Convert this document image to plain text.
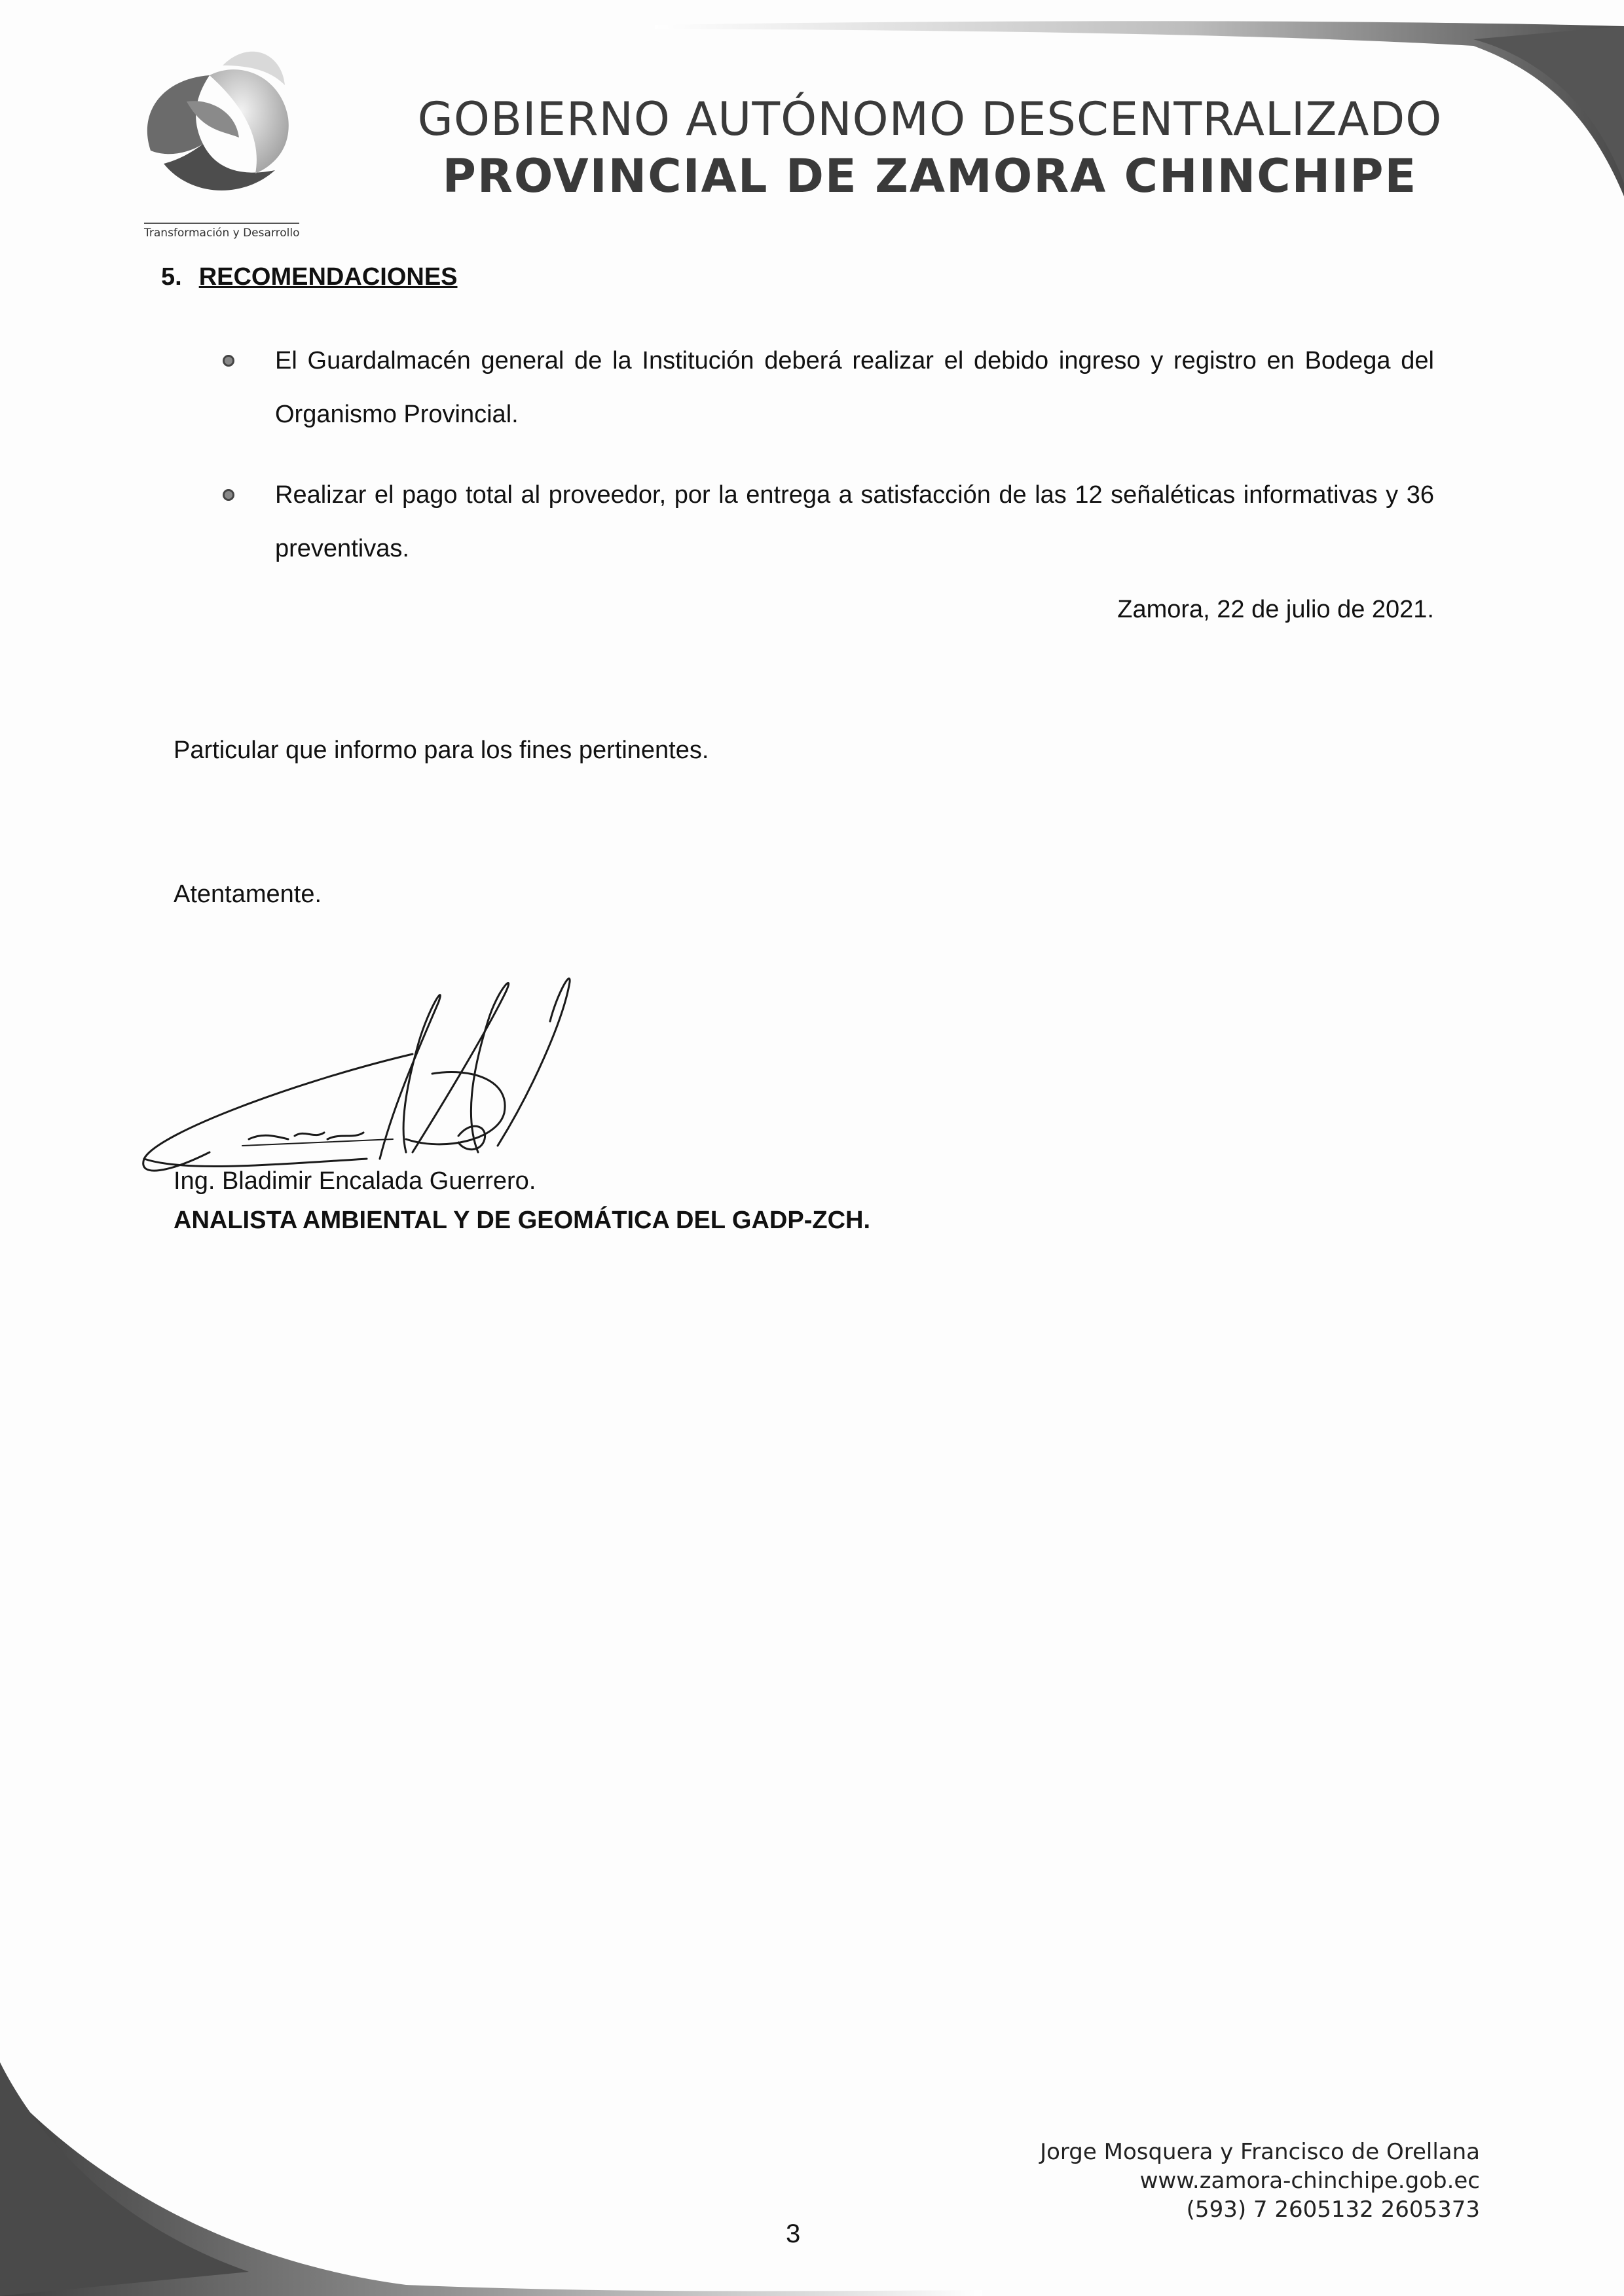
Transformación y Desarrollo
GOBIERNO AUTÓNOMO DESCENTRALIZADO
PROVINCIAL DE ZAMORA CHINCHIPE
5. RECOMENDACIONES
El Guardalmacén general de la Institución deberá realizar el debido ingreso y registro en Bodega del Organismo Provincial.
Realizar el pago total al proveedor, por la entrega a satisfacción de las 12 señaléticas informativas y 36 preventivas.
Zamora, 22 de julio de 2021.
Particular que informo para los fines pertinentes.
Atentamente.
Ing. Bladimir Encalada Guerrero.
ANALISTA AMBIENTAL Y DE GEOMÁTICA DEL GADP-ZCH.
Jorge Mosquera y Francisco de Orellana
www.zamora-chinchipe.gob.ec
(593) 7 2605132 2605373
3
